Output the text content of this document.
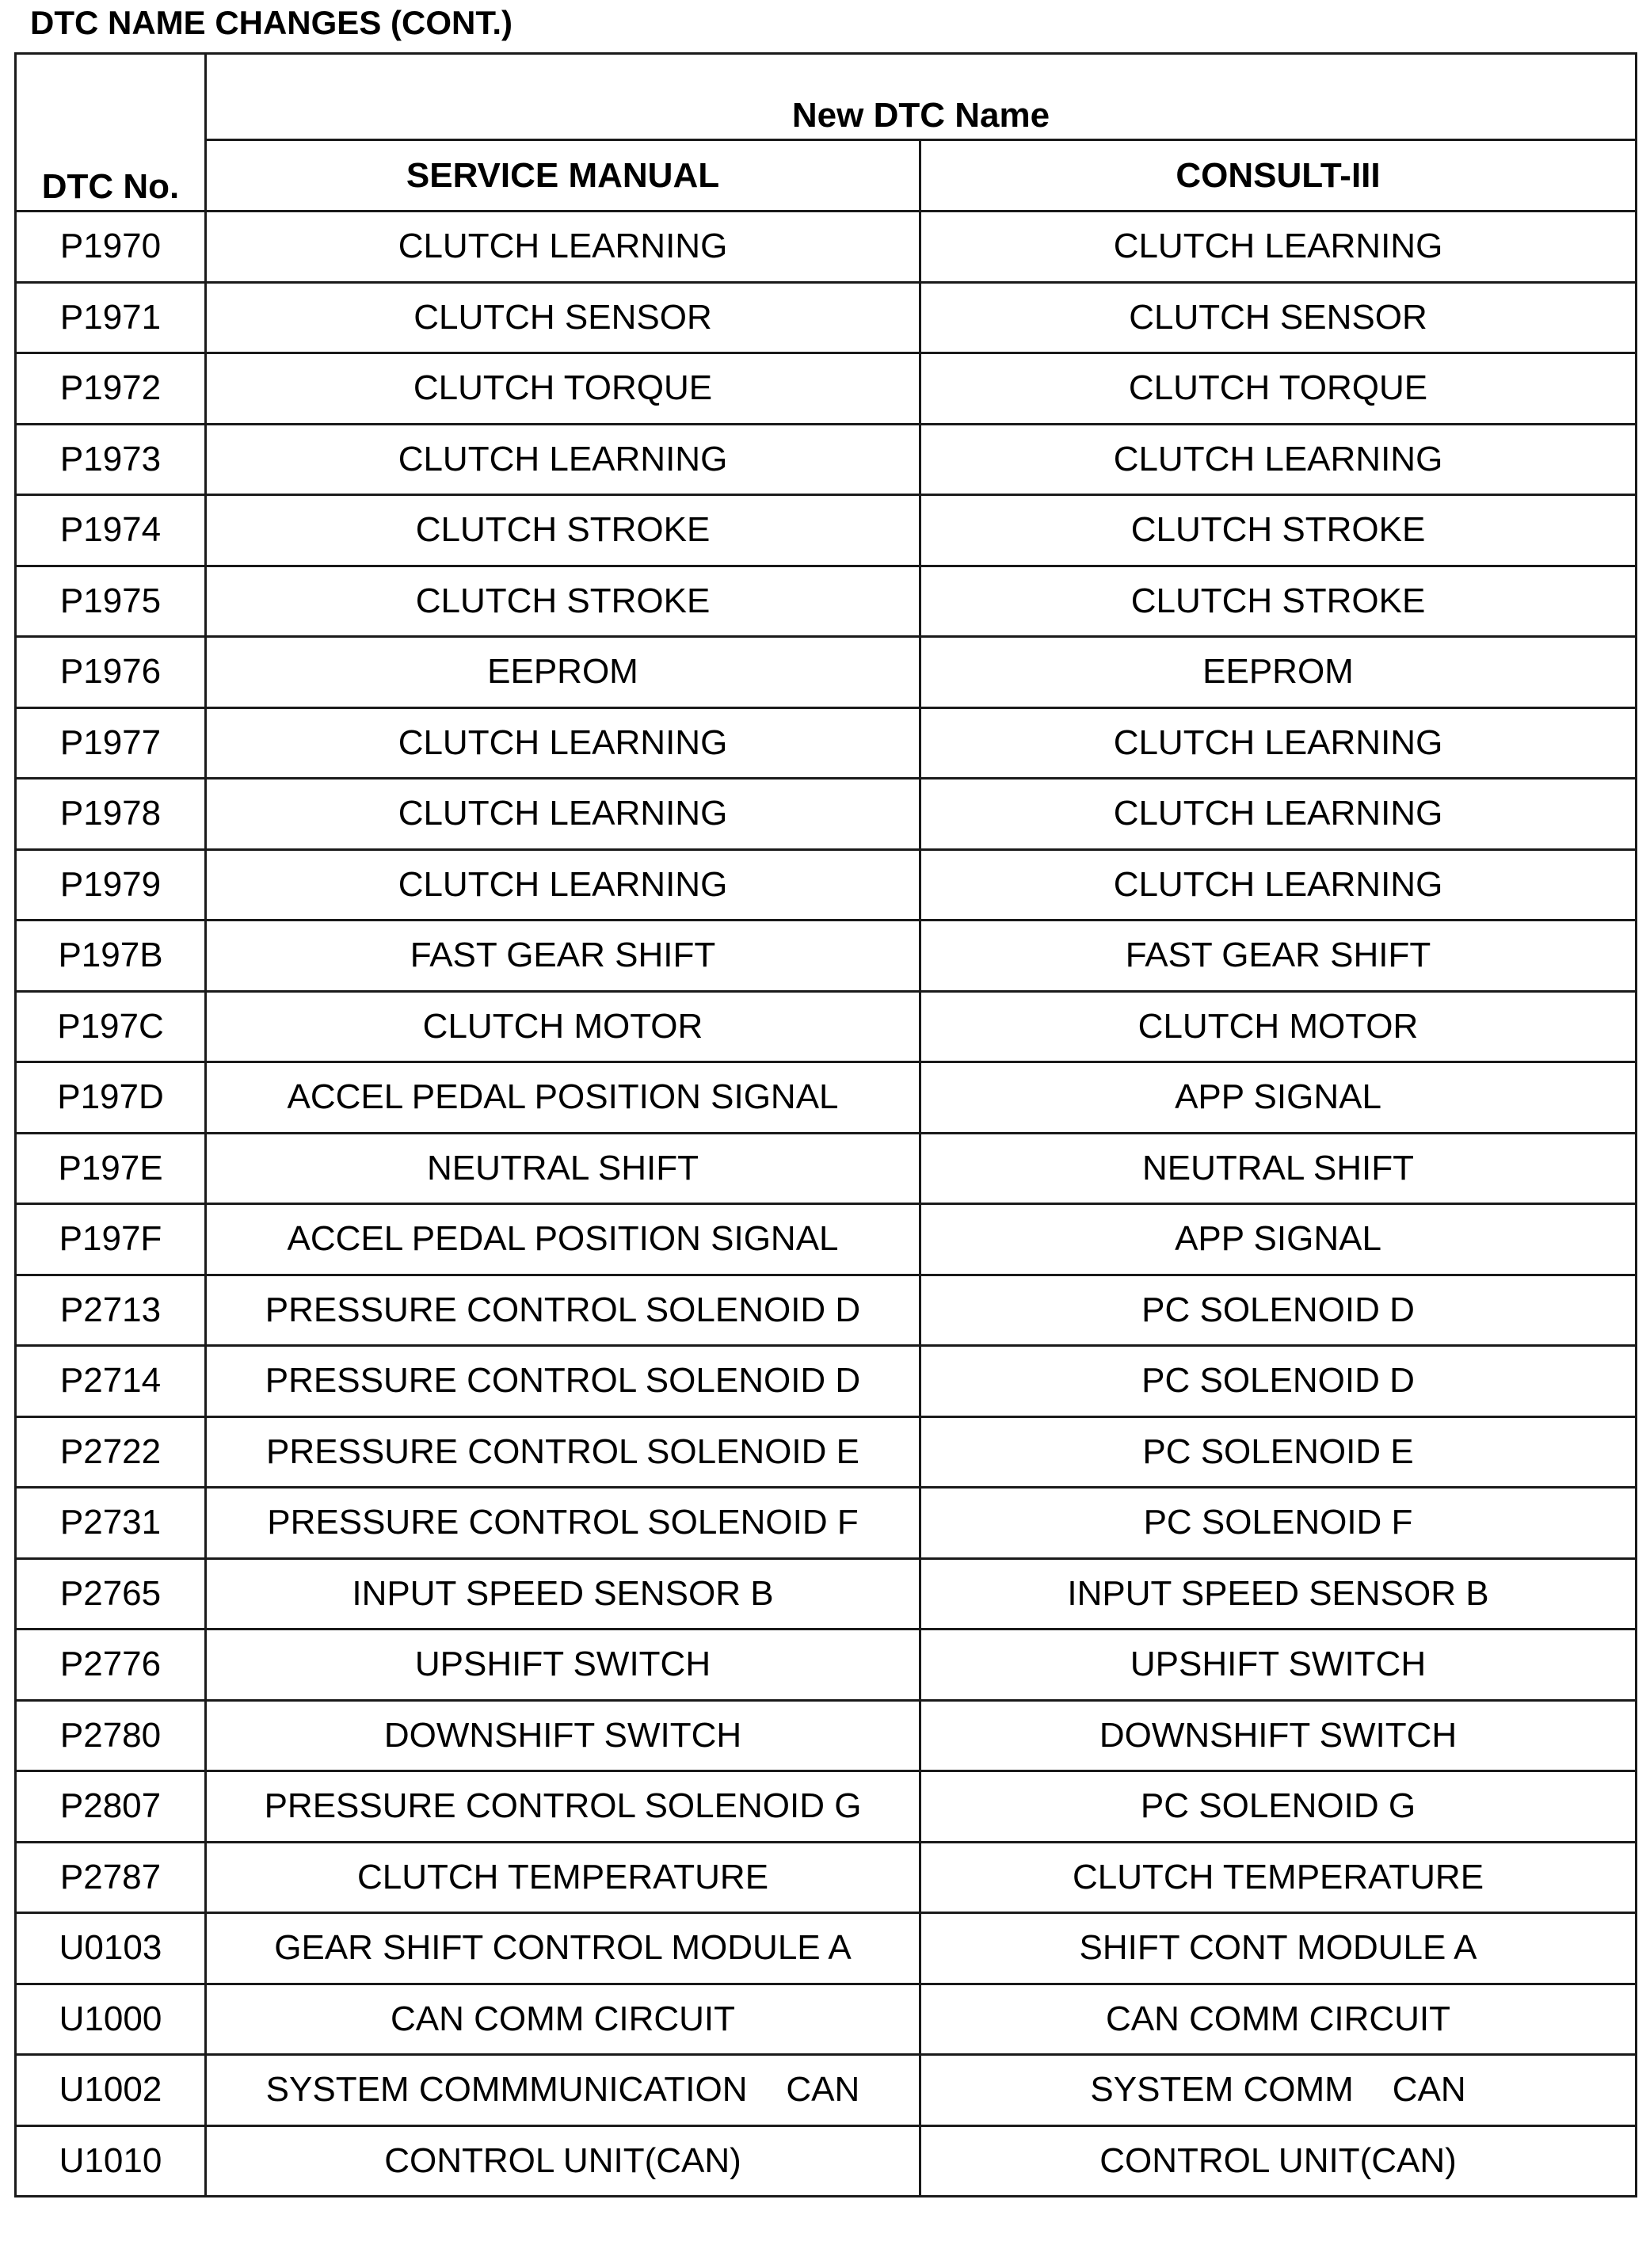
DTC NAME CHANGES (CONT.)
DTC No.	New DTC Name	
	SERVICE MANUAL	CONSULT-III
P1970	CLUTCH LEARNING	CLUTCH LEARNING
P1971	CLUTCH SENSOR	CLUTCH SENSOR
P1972	CLUTCH TORQUE	CLUTCH TORQUE
P1973	CLUTCH LEARNING	CLUTCH LEARNING
P1974	CLUTCH STROKE	CLUTCH STROKE
P1975	CLUTCH STROKE	CLUTCH STROKE
P1976	EEPROM	EEPROM
P1977	CLUTCH LEARNING	CLUTCH LEARNING
P1978	CLUTCH LEARNING	CLUTCH LEARNING
P1979	CLUTCH LEARNING	CLUTCH LEARNING
P197B	FAST GEAR SHIFT	FAST GEAR SHIFT
P197C	CLUTCH MOTOR	CLUTCH MOTOR
P197D	ACCEL PEDAL POSITION SIGNAL	APP SIGNAL
P197E	NEUTRAL SHIFT	NEUTRAL SHIFT
P197F	ACCEL PEDAL POSITION SIGNAL	APP SIGNAL
P2713	PRESSURE CONTROL SOLENOID D	PC SOLENOID D
P2714	PRESSURE CONTROL SOLENOID D	PC SOLENOID D
P2722	PRESSURE CONTROL SOLENOID E	PC SOLENOID E
P2731	PRESSURE CONTROL SOLENOID F	PC SOLENOID F
P2765	INPUT SPEED SENSOR B	INPUT SPEED SENSOR B
P2776	UPSHIFT SWITCH	UPSHIFT SWITCH
P2780	DOWNSHIFT SWITCH	DOWNSHIFT SWITCH
P2807	PRESSURE CONTROL SOLENOID G	PC SOLENOID G
P2787	CLUTCH TEMPERATURE	CLUTCH TEMPERATURE
U0103	GEAR SHIFT CONTROL MODULE A	SHIFT CONT MODULE A
U1000	CAN COMM CIRCUIT	CAN COMM CIRCUIT
U1002	SYSTEM COMMMUNICATION    CAN	SYSTEM COMM    CAN
U1010	CONTROL UNIT(CAN)	CONTROL UNIT(CAN)
